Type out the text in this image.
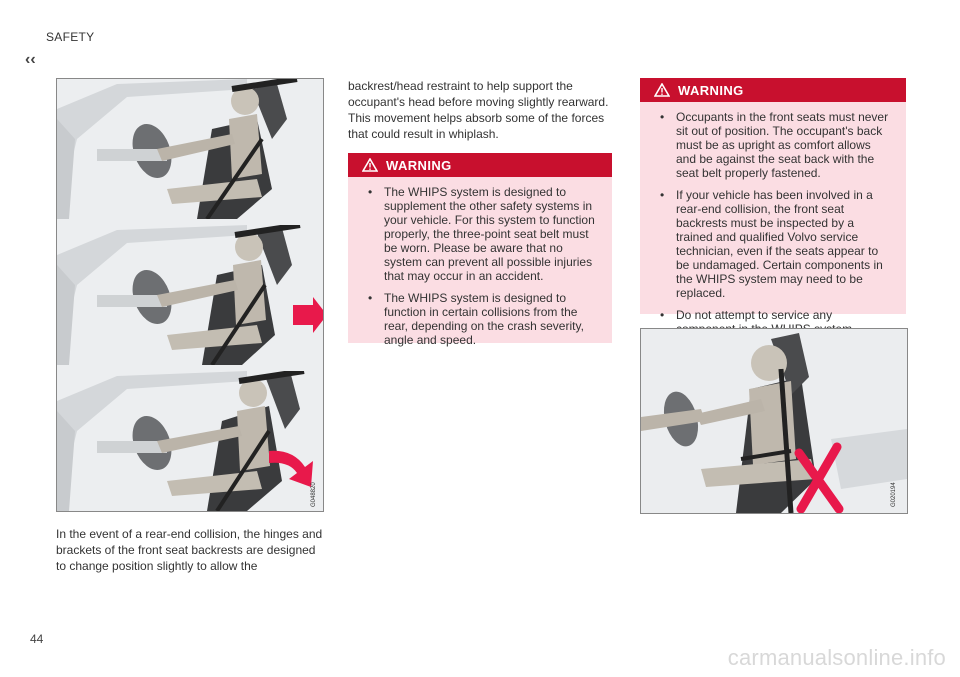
SAFETY
‹‹
G048820
In the event of a rear-end collision, the hinges and brackets of the front seat backrests are designed to change position slightly to allow the
backrest/head restraint to help support the occupant's head before moving slightly rearward. This movement helps absorb some of the forces that could result in whiplash.
WARNING
• The WHIPS system is designed to supplement the other safety systems in your vehicle. For this system to function properly, the three-point seat belt must be worn. Please be aware that no system can prevent all possible injuries that may occur in an accident.
• The WHIPS system is designed to function in certain collisions from the rear, depending on the crash severity, angle and speed.
WARNING
• Occupants in the front seats must never sit out of position. The occupant's back must be as upright as comfort allows and be against the seat back with the seat belt properly fastened.
• If your vehicle has been involved in a rear-end collision, the front seat backrests must be inspected by a trained and qualified Volvo service technician, even if the seats appear to be undamaged. Certain components in the WHIPS system may need to be replaced.
• Do not attempt to service any
G020194
44
carmanualsonline.info
